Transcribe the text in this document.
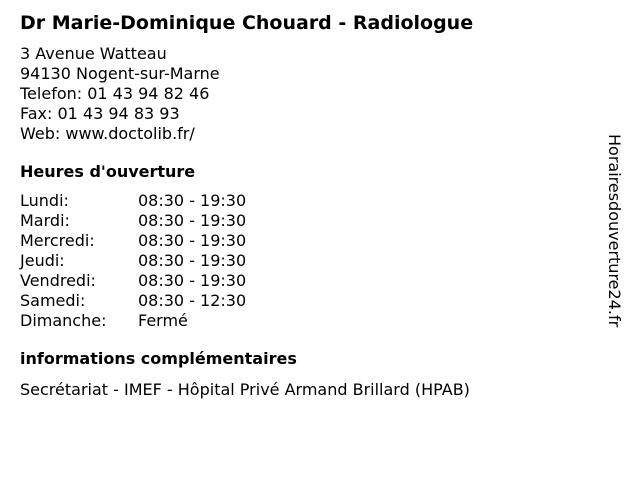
Dr Marie-Dominique Chouard - Radiologue
3 Avenue Watteau
94130 Nogent-sur-Marne
Telefon: 01 43 94 82 46
Fax: 01 43 94 83 93
Web: www.doctolib.fr/
Heures d'ouverture
Lundi:	08:30 - 19:30
Mardi:	08:30 - 19:30
Mercredi:	08:30 - 19:30
Jeudi:	08:30 - 19:30
Vendredi:	08:30 - 19:30
Samedi:	08:30 - 12:30
Dimanche:	Fermé
informations complémentaires
Secrétariat - IMEF - Hôpital Privé Armand Brillard (HPAB)
Horairesdouverture24.fr
